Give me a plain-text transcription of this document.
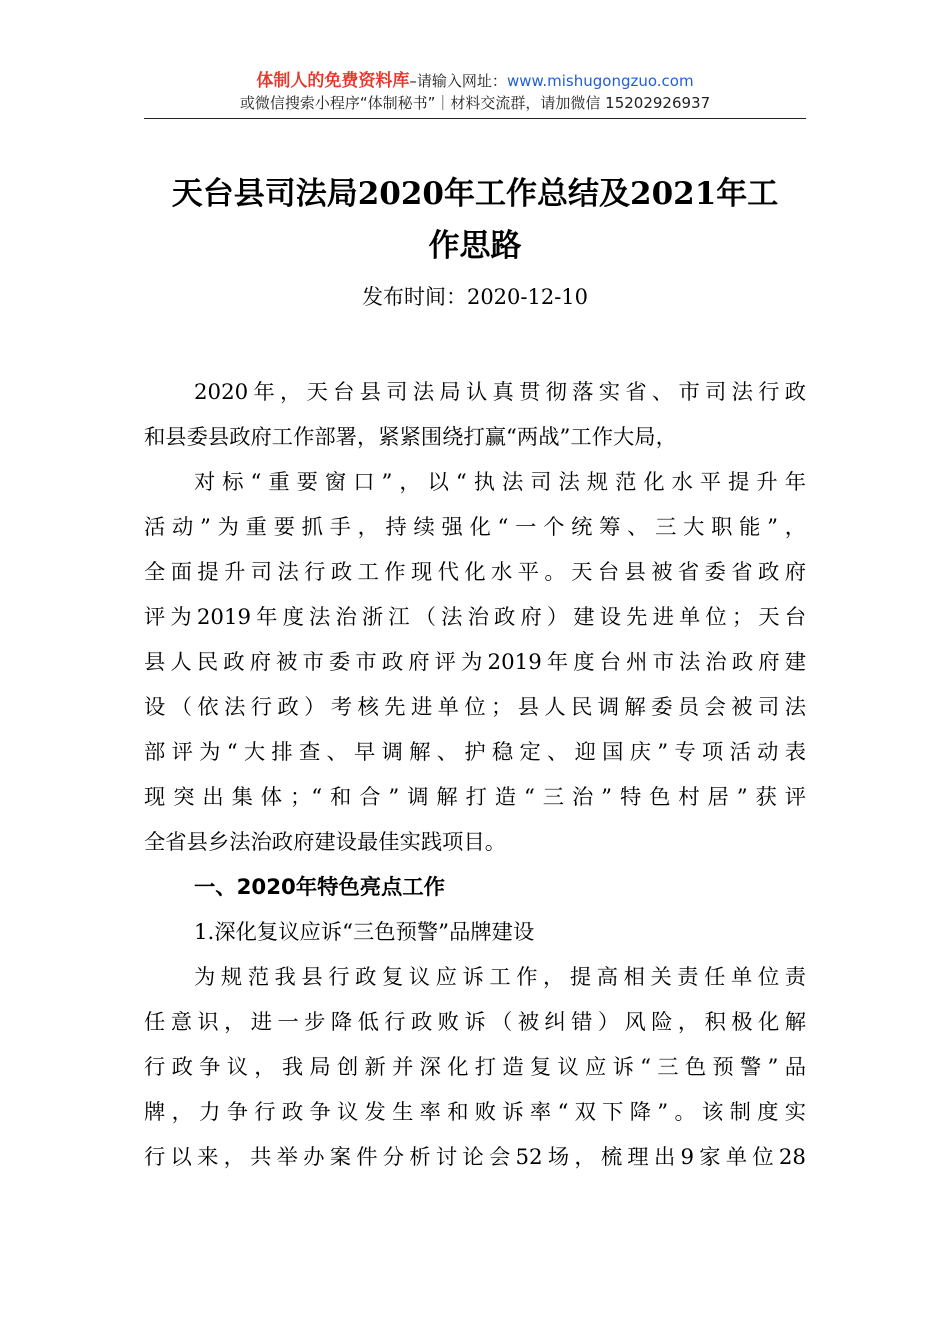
体制人的免费资料库–请输入网址：www.mishugongzuo.com
或微信搜索小程序“体制秘书”｜材料交流群，请加微信 15202926937
天台县司法局2020年工作总结及2021年工
作思路
发布时间：2020-12-10
2020年，天台县司法局认真贯彻落实省、市司法行政
和县委县政府工作部署，紧紧围绕打赢“两战”工作大局，
对标“重要窗口”，以“执法司法规范化水平提升年
活动”为重要抓手，持续强化“一个统筹、三大职能”，
全面提升司法行政工作现代化水平。天台县被省委省政府
评为2019年度法治浙江（法治政府）建设先进单位；天台
县人民政府被市委市政府评为2019年度台州市法治政府建
设（依法行政）考核先进单位；县人民调解委员会被司法
部评为“大排查、早调解、护稳定、迎国庆”专项活动表
现突出集体；“和合”调解打造“三治”特色村居”获评
全省县乡法治政府建设最佳实践项目。
一、2020年特色亮点工作
1.深化复议应诉“三色预警”品牌建设
为规范我县行政复议应诉工作，提高相关责任单位责
任意识，进一步降低行政败诉（被纠错）风险，积极化解
行政争议，我局创新并深化打造复议应诉“三色预警”品
牌，力争行政争议发生率和败诉率“双下降”。该制度实
行以来，共举办案件分析讨论会52场，梳理出9家单位28
